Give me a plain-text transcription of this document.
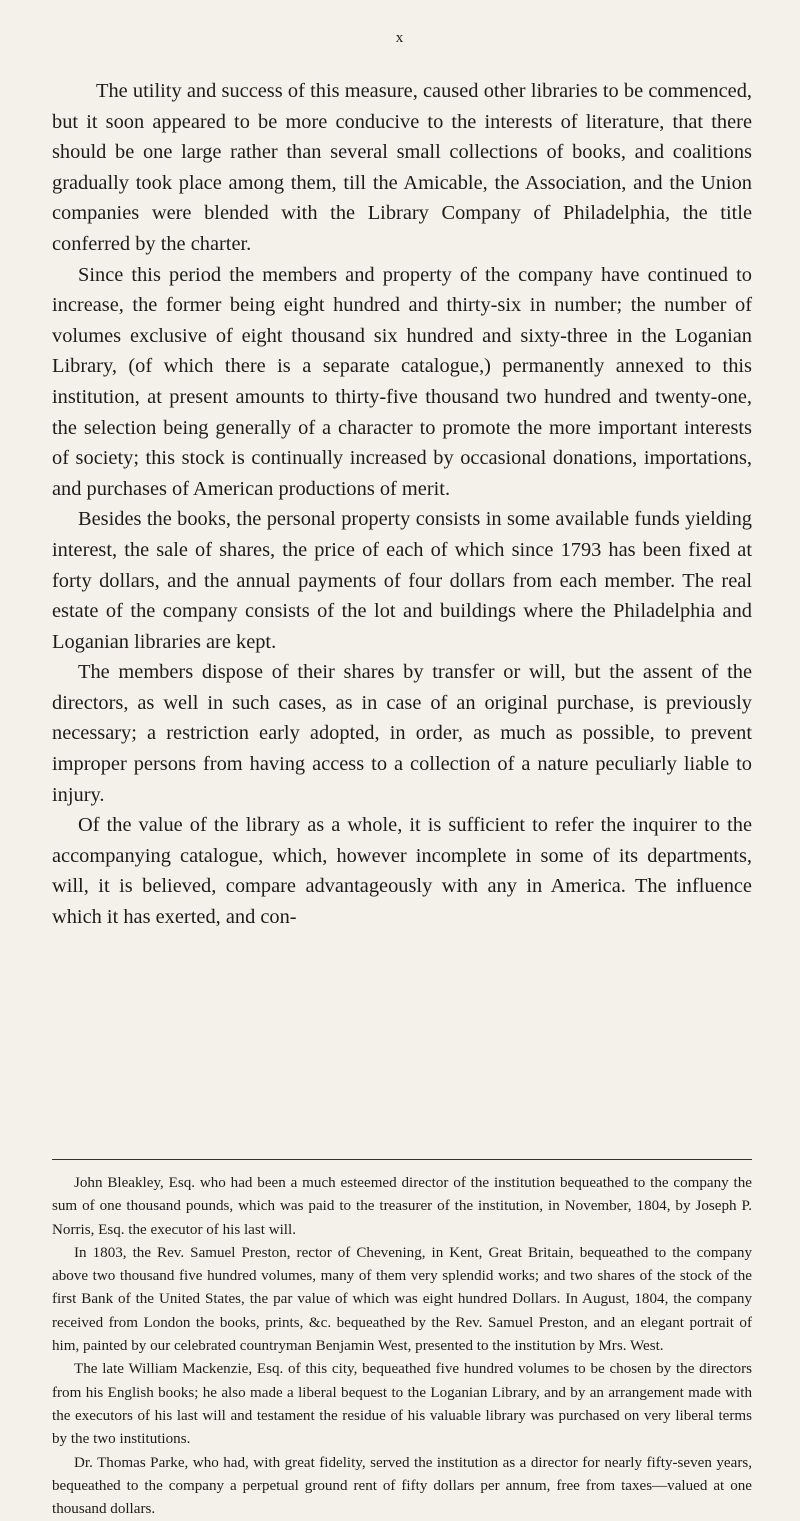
x

The utility and success of this measure, caused other libraries to be commenced, but it soon appeared to be more conducive to the interests of literature, that there should be one large rather than several small collections of books, and coalitions gradually took place among them, till the Amicable, the Association, and the Union companies were blended with the Library Company of Philadelphia, the title conferred by the charter.

Since this period the members and property of the company have continued to increase, the former being eight hundred and thirty-six in number; the number of volumes exclusive of eight thousand six hundred and sixty-three in the Loganian Library, (of which there is a separate catalogue,) permanently annexed to this institution, at present amounts to thirty-five thousand two hundred and twenty-one, the selection being generally of a character to promote the more important interests of society; this stock is continually increased by occasional donations, importations, and purchases of American productions of merit.

Besides the books, the personal property consists in some available funds yielding interest, the sale of shares, the price of each of which since 1793 has been fixed at forty dollars, and the annual payments of four dollars from each member. The real estate of the company consists of the lot and buildings where the Philadelphia and Loganian libraries are kept.

The members dispose of their shares by transfer or will, but the assent of the directors, as well in such cases, as in case of an original purchase, is previously necessary; a restriction early adopted, in order, as much as possible, to prevent improper persons from having access to a collection of a nature peculiarly liable to injury.

Of the value of the library as a whole, it is sufficient to refer the inquirer to the accompanying catalogue, which, however incomplete in some of its departments, will, it is believed, compare advantageously with any in America. The influence which it has exerted, and con-

John Bleakley, Esq. who had been a much esteemed director of the institution bequeathed to the company the sum of one thousand pounds, which was paid to the treasurer of the institution, in November, 1804, by Joseph P. Norris, Esq. the executor of his last will.

In 1803, the Rev. Samuel Preston, rector of Chevening, in Kent, Great Britain, bequeathed to the company above two thousand five hundred volumes, many of them very splendid works; and two shares of the stock of the first Bank of the United States, the par value of which was eight hundred Dollars. In August, 1804, the company received from London the books, prints, &c. bequeathed by the Rev. Samuel Preston, and an elegant portrait of him, painted by our celebrated countryman Benjamin West, presented to the institution by Mrs. West.

The late William Mackenzie, Esq. of this city, bequeathed five hundred volumes to be chosen by the directors from his English books; he also made a liberal bequest to the Loganian Library, and by an arrangement made with the executors of his last will and testament the residue of his valuable library was purchased on very liberal terms by the two institutions.

Dr. Thomas Parke, who had, with great fidelity, served the institution as a director for nearly fifty-seven years, bequeathed to the company a perpetual ground rent of fifty dollars per annum, free from taxes—valued at one thousand dollars.
